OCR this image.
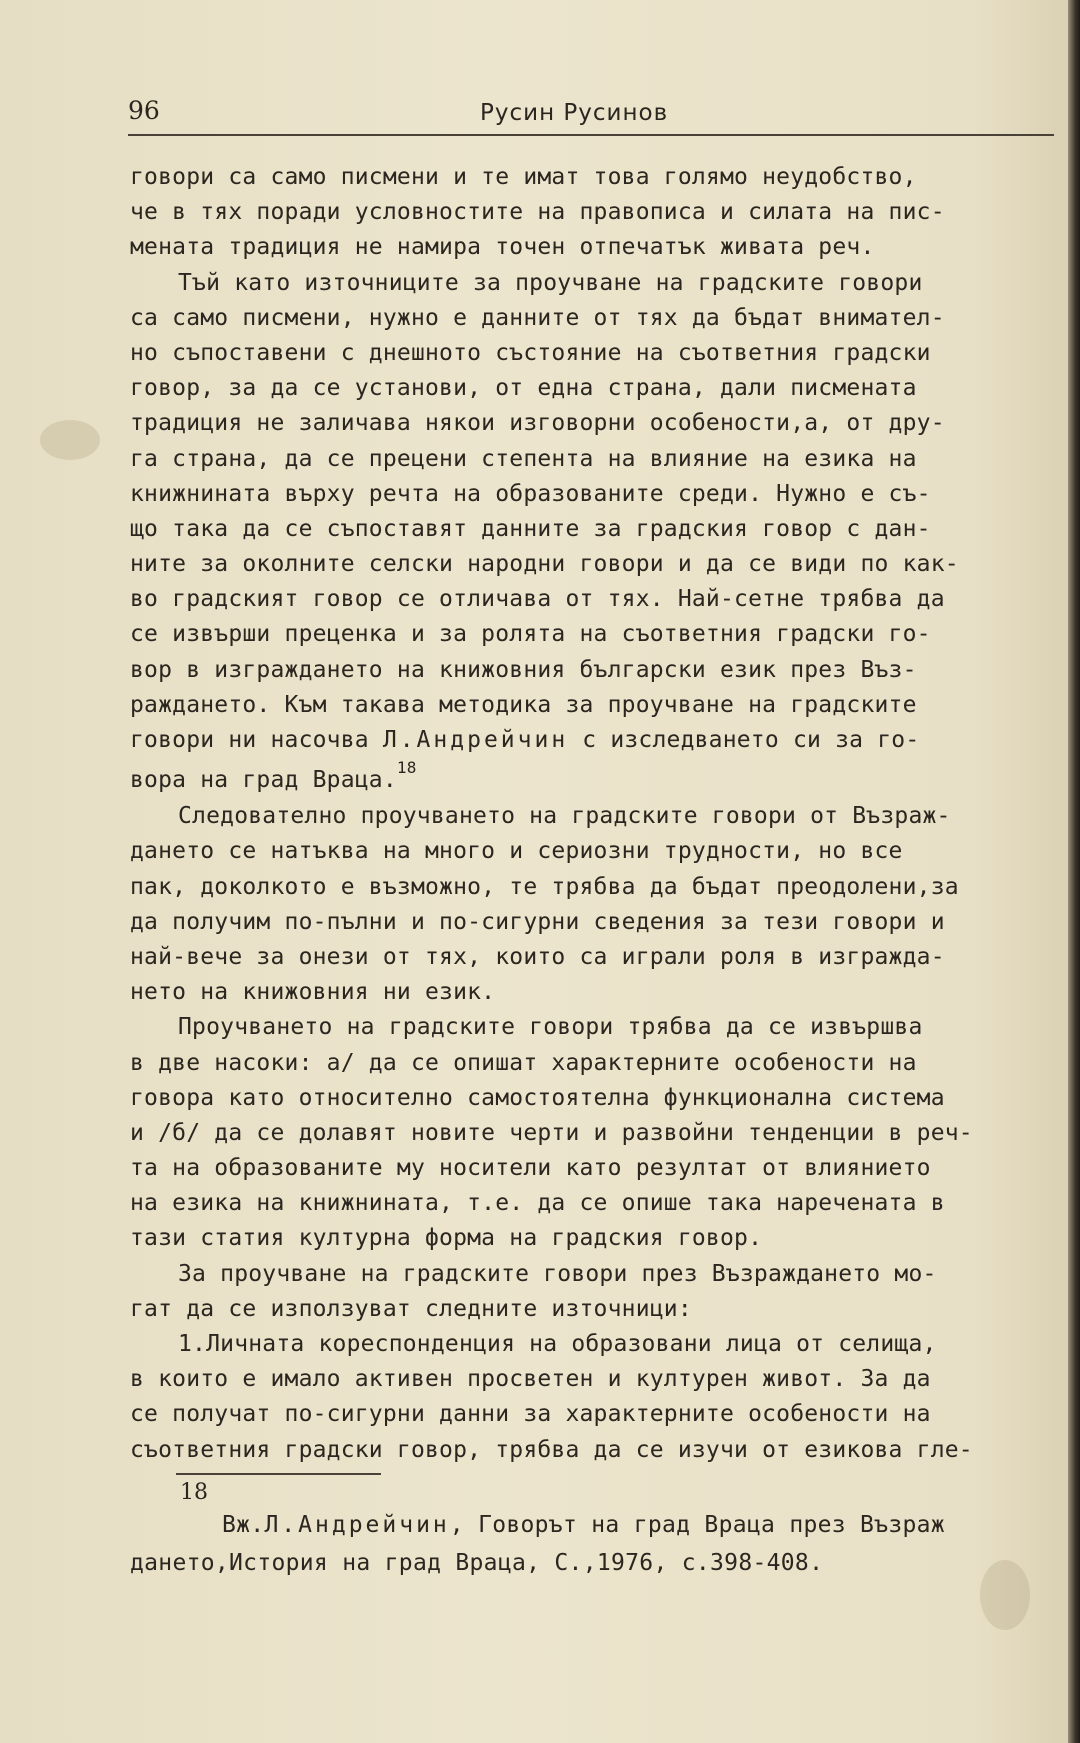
96	Русин Русинов
говори са само писмени и те имат това голямо неудобство,
че в тях поради условностите на правописа и силата на пис-
мената традиция не намира точен отпечатък живата реч.
Тъй като източниците за проучване на градските говори
са само писмени, нужно е данните от тях да бъдат внимател-
но съпоставени с днешното състояние на съответния градски
говор, за да се установи, от една страна, дали писмената
традиция не заличава някои изговорни особености,а, от дру-
га страна, да се прецени степента на влияние на езика на
книжнината върху речта на образованите среди. Нужно е съ-
що така да се съпоставят данните за градския говор с дан-
ните за околните селски народни говори и да се види по как-
во градският говор се отличава от тях. Най-сетне трябва да
се извърши преценка и за ролята на съответния градски го-
вор в изграждането на книжовния български език през Въз-
раждането. Към такава методика за проучване на градските
говори ни насочва Л.Андрейчин с изследването си за го-
вора на град Враца.$^{18}$
Следователно проучването на градските говори от Възраж-
дането се натъква на много и сериозни трудности, но все
пак, доколкото е възможно, те трябва да бъдат преодолени,за
да получим по-пълни и по-сигурни сведения за тези говори и
най-вече за онези от тях, които са играли роля в изгражда-
нето на книжовния ни език.
Проучването на градските говори трябва да се извършва
в две насоки: а/ да се опишат характерните особености на
говора като относително самостоятелна функционална система
и /б/ да се долавят новите черти и развойни тенденции в реч-
та на образованите му носители като резултат от влиянието
на езика на книжнината, т.е. да се опише така наречената в
тази статия културна форма на градския говор.
За проучване на градските говори през Възраждането мо-
гат да се използуват следните източници:
1.Личната кореспонденция на образовани лица от селища,
в които е имало активен просветен и културен живот. За да
се получат по-сигурни данни за характерните особености на
съответния градски говор, трябва да се изучи от езикова гле-
18
Вж.Л.Андрейчин, Говорът на град Враца през Възраж
дането,История на град Враца, С.,1976, с.398-408.
